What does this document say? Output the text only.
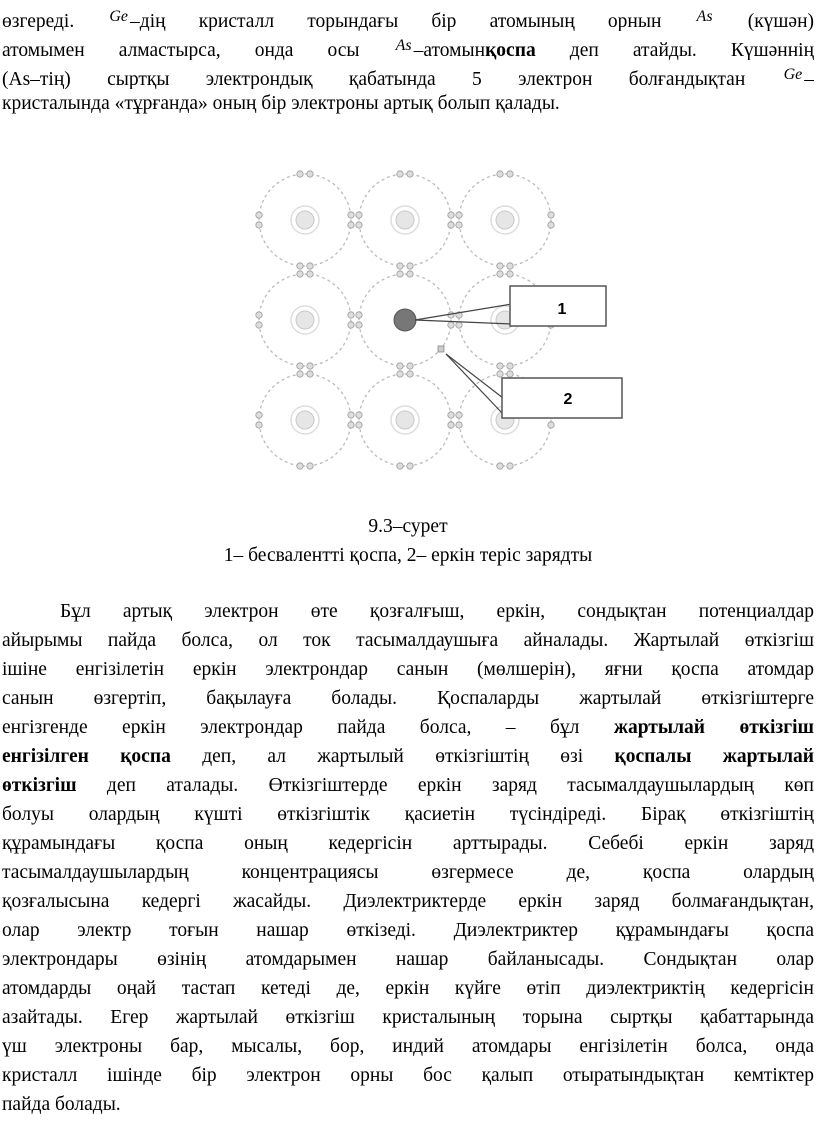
өзгереді. $^{Ge}$ –дің кристалл торындағы бір атомының орнын $^{As}$ (күшән)
атомымен алмастырса, онда осы $^{As}$ –атомынқоспа деп атайды. Күшәннің
(As–тің) сыртқы электрондық қабатында 5 электрон болғандықтан $^{Ge}$ –
кристалында «тұрғанда» оның бір электроны артық болып қалады.
1
2
9.3–сурет
1– бесвалентті қоспа, 2– еркін теріс зарядты
Бұл артық электрон өте қозғалғыш, еркін, сондықтан потенциалдар
айырымы пайда болса, ол ток тасымалдаушыға айналады. Жартылай өткізгіш
ішіне енгізілетін еркін электрондар санын (мөлшерін), яғни қоспа атомдар
санын өзгертіп, бақылауға болады. Қоспаларды жартылай өткізгіштерге
енгізгенде еркін электрондар пайда болса, – бұл жартылай өткізгіш
енгізілген қоспа деп, ал жартылый өткізгіштің өзі қоспалы жартылай
өткізгіш деп аталады. Өткізгіштерде еркін заряд тасымалдаушылардың көп
болуы олардың күшті өткізгіштік қасиетін түсіндіреді. Бірақ өткізгіштің
құрамындағы қоспа оның кедергісін арттырады. Себебі еркін заряд
тасымалдаушылардың концентрациясы өзгермесе де, қоспа олардың
қозғалысына кедергі жасайды. Диэлектриктерде еркін заряд болмағандықтан,
олар электр тоғын нашар өткізеді. Диэлектриктер құрамындағы қоспа
электрондары өзінің атомдарымен нашар байланысады. Сондықтан олар
атомдарды оңай тастап кетеді де, еркін күйге өтіп диэлектриктің кедергісін
азайтады. Егер жартылай өткізгіш кристалының торына сыртқы қабаттарында
үш электроны бар, мысалы, бор, индий атомдары енгізілетін болса, онда
кристалл ішінде бір электрон орны бос қалып отыратындықтан кемтіктер
пайда болады.
